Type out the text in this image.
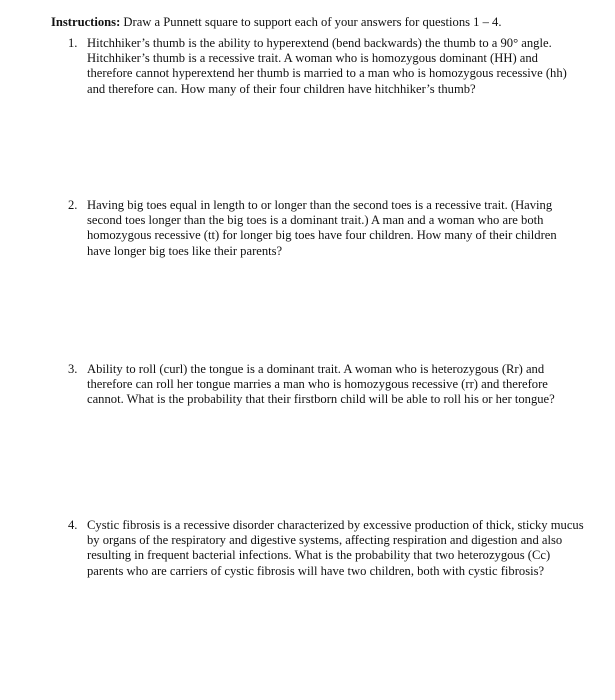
Instructions: Draw a Punnett square to support each of your answers for questions 1 – 4.
1. Hitchhiker’s thumb is the ability to hyperextend (bend backwards) the thumb to a 90° angle.
Hitchhiker’s thumb is a recessive trait. A woman who is homozygous dominant (HH) and
therefore cannot hyperextend her thumb is married to a man who is homozygous recessive (hh)
and therefore can. How many of their four children have hitchhiker’s thumb?
2. Having big toes equal in length to or longer than the second toes is a recessive trait. (Having
second toes longer than the big toes is a dominant trait.) A man and a woman who are both
homozygous recessive (tt) for longer big toes have four children. How many of their children
have longer big toes like their parents?
3. Ability to roll (curl) the tongue is a dominant trait. A woman who is heterozygous (Rr) and
therefore can roll her tongue marries a man who is homozygous recessive (rr) and therefore
cannot. What is the probability that their firstborn child will be able to roll his or her tongue?
4. Cystic fibrosis is a recessive disorder characterized by excessive production of thick, sticky mucus
by organs of the respiratory and digestive systems, affecting respiration and digestion and also
resulting in frequent bacterial infections. What is the probability that two heterozygous (Cc)
parents who are carriers of cystic fibrosis will have two children, both with cystic fibrosis?
